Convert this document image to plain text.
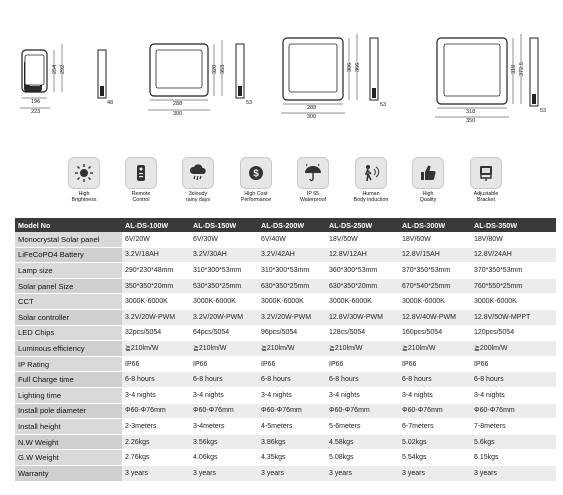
196
223
254 292
48	288
300
320 353
53
288
300
306 366
53
318
350
318 372.5
53
High
Brightness
Remote
Control
3cloudy
rainy days
$
High Cost
Performance
IP 65
Waterproof
Human
Body induction
High
Quality
Adjustable
Bracket
Model No	AL-DS-100W	AL-DS-150W	AL-DS-200W	AL-DS-250W	AL-DS-300W	AL-DS-350W
Monocrystal Solar panel	6V/20W	6V/30W	6V/40W	18V/50W	18V/60W	18V/80W
LiFeCoPO4 Battery	3.2V/18AH	3.2V/30AH	3.2V/42AH	12.8V/12AH	12.8V/15AH	12.8V/24AH
Lamp size	290*230*48mm	310*300*53mm	310*300*53mm	360*300*53mm	370*350*53mm	370*350*53mm
Solar panel Size	350*350*20mm	530*350*25mm	630*350*25mm	630*350*20mm	670*540*25mm	760*550*25mm
CCT	3000K-6000K	3000K-6000K	3000K-6000K	3000K-6000K	3000K-6000K	3000K-6000K
Solar controller	3.2V/20W-PWM	3.2V/20W-PWM	3.2V/20W-PWM	12.8V/30W-PWM	12.8V/40W-PWM	12.8V/50W-MPPT
LED Chips	32pcs/5054	64pcs/5054	96pcs/5054	128cs/5054	160pcs/5054	120pcs/5054
Luminous efficiency	≧210lm/W	≧210lm/W	≧210lm/W	≧210lm/W	≧210lm/W	≧200lm/W
IP Rating	IP66	IP66	IP66	IP66	IP66	IP66
Full Charge time	6-8 hours	6-8 hours	6-8 hours	6-8 hours	6-8 hours	6-8 hours
Lighting time	3-4 nights	3-4 nights	3-4 nights	3-4 nights	3-4 nights	3-4 nights
Install pole diameter	Φ60-Φ76mm	Φ60-Φ76mm	Φ60-Φ76mm	Φ60-Φ76mm	Φ60-Φ76mm	Φ60-Φ76mm
Install height	2-3meters	3-4meters	4-5meters	5-6meters	6-7meters	7-8meters
N.W Weight	2.26kgs	3.56kgs	3.86kgs	4.58kgs	5.02kgs	5.6kgs
G.W Weight	2.76kgs	4.06kgs	4.35kgs	5.08kgs	5.54kgs	6.15kgs
Warranty	3 years	3 years	3 years	3 years	3 years	3 years
